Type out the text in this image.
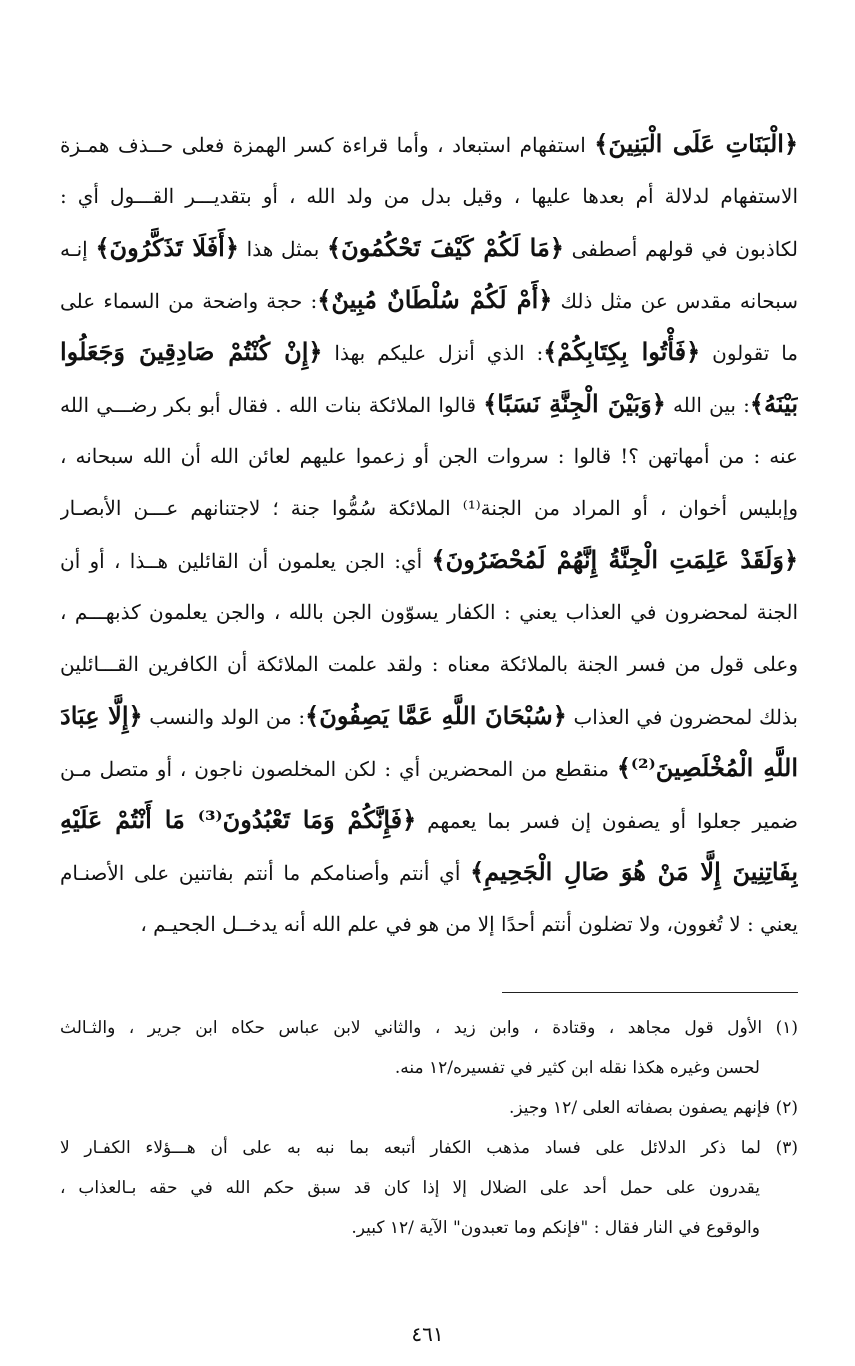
﴿الْبَنَاتِ عَلَى الْبَنِينَ﴾ استفهام استبعاد ، وأما قراءة كسر الهمزة فعلى حــذف همـزة
الاستفهام لدلالة أم بعدها عليها ، وقيل بدل من ولد الله ، أو بتقديـــر القـــول أي :
لكاذبون في قولهم أصطفى ﴿مَا لَكُمْ كَيْفَ تَحْكُمُونَ﴾ بمثل هذا ﴿أَفَلَا تَذَكَّرُونَ﴾ إنـه
سبحانه مقدس عن مثل ذلك ﴿أَمْ لَكُمْ سُلْطَانٌ مُبِينٌ﴾: حجة واضحة من السماء على
ما تقولون ﴿فَأْتُوا بِكِتَابِكُمْ﴾: الذي أنزل عليكم بهذا ﴿إِنْ كُنْتُمْ صَادِقِينَ وَجَعَلُوا
بَيْنَهُ﴾: بين الله ﴿وَبَيْنَ الْجِنَّةِ نَسَبًا﴾ قالوا الملائكة بنات الله . فقال أبو بكر رضـــي الله
عنه : من أمهاتهن ؟! قالوا : سروات الجن أو زعموا عليهم لعائن الله أن الله سبحانه ،
وإبليس أخوان ، أو المراد من الجنة⁽¹⁾ الملائكة سُمُّوا جنة ؛ لاجتنانهم عـــن الأبصـار
﴿وَلَقَدْ عَلِمَتِ الْجِنَّةُ إِنَّهُمْ لَمُحْضَرُونَ﴾ أي: الجن يعلمون أن القائلين هــذا ، أو أن
الجنة لمحضرون في العذاب يعني : الكفار يسوّون الجن بالله ، والجن يعلمون كذبهـــم ،
وعلى قول من فسر الجنة بالملائكة معناه : ولقد علمت الملائكة أن الكافرين القـــائلين
بذلك لمحضرون في العذاب ﴿سُبْحَانَ اللَّهِ عَمَّا يَصِفُونَ﴾: من الولد والنسب ﴿إِلَّا عِبَادَ
اللَّهِ الْمُخْلَصِينَ⁽²⁾﴾ منقطع من المحضرين أي : لكن المخلصون ناجون ، أو متصل مـن
ضمير جعلوا أو يصفون إن فسر بما يعمهم ﴿فَإِنَّكُمْ وَمَا تَعْبُدُونَ⁽³⁾ مَا أَنْتُمْ عَلَيْهِ
بِفَاتِنِينَ إِلَّا مَنْ هُوَ صَالِ الْجَحِيمِ﴾ أي أنتم وأصنامكم ما أنتم بفاتنين على الأصنـام
يعني : لا تُغوون، ولا تضلون أنتم أحدًا إلا من هو في علم الله أنه يدخــل الجحيـم ،
(١) الأول قول مجاهد ، وقتادة ، وابن زيد ، والثاني لابن عباس حكاه ابن جرير ، والثـالث
لحسن وغيره هكذا نقله ابن كثير في تفسيره/١٢ منه.
(٢) فإنهم يصفون بصفاته العلى /١٢ وجيز.
(٣) لما ذكر الدلائل على فساد مذهب الكفار أتبعه بما نبه به على أن هـــؤلاء الكفـار لا
يقدرون على حمل أحد على الضلال إلا إذا كان قد سبق حكم الله في حقه بـالعذاب ،
والوقوع في النار فقال : "فإنكم وما تعبدون" الآية /١٢ كبير.
٤٦١
